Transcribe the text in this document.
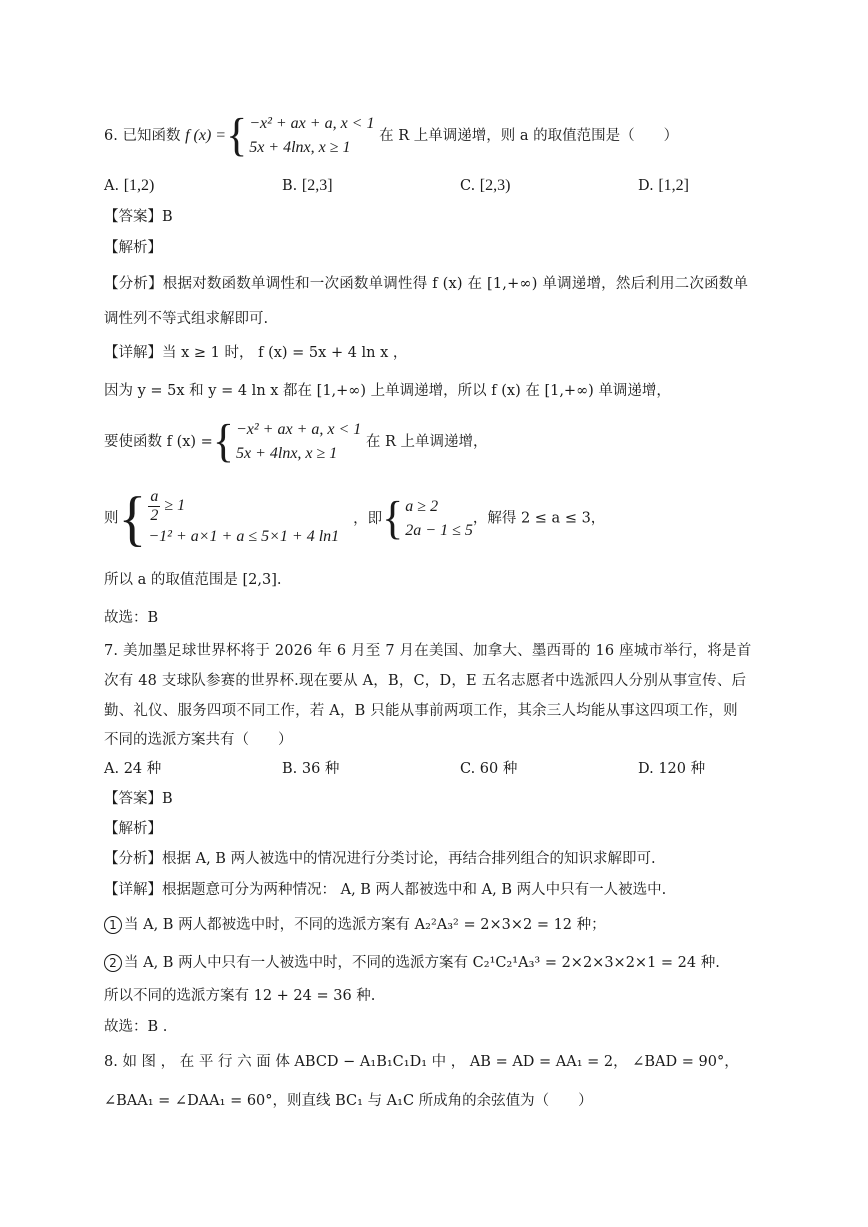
6. 已知函数 f (x) ={ −x² + ax + a, x < 1
5x + 4lnx, x ≥ 1
在 R 上单调递增，则 a 的取值范围是（　　）
A. [1,2)	B. [2,3]	C. [2,3)	D. [1,2]
【答案】B
【解析】
【分析】根据对数函数单调性和一次函数单调性得 f (x) 在 [1,+∞) 单调递增，然后利用二次函数单
调性列不等式组求解即可.
【详解】当 x ≥ 1 时， f (x) = 5x + 4 ln x ，
因为 y = 5x 和 y = 4 ln x 都在 [1,+∞) 上单调递增，所以 f (x) 在 [1,+∞) 单调递增，
要使函数 f (x) ={ −x² + ax + a, x < 1
5x + 4lnx, x ≥ 1
在 R 上单调递增，
则{ $\frac{a}{2} \ge 1$
−1² + a×1 + a ≤ 5×1 + 4 ln1
，即{ a ≥ 2
2a − 1 ≤ 5
，解得 2 ≤ a ≤ 3，
所以 a 的取值范围是 [2,3].
故选：B
7. 美加墨足球世界杯将于 2026 年 6 月至 7 月在美国、加拿大、墨西哥的 16 座城市举行，将是首
次有 48 支球队参赛的世界杯.现在要从 A，B，C，D，E 五名志愿者中选派四人分别从事宣传、后
勤、礼仪、服务四项不同工作，若 A，B 只能从事前两项工作，其余三人均能从事这四项工作，则
不同的选派方案共有（　　）
A. 24 种	B. 36 种	C. 60 种	D. 120 种
【答案】B
【解析】
【分析】根据 A, B 两人被选中的情况进行分类讨论，再结合排列组合的知识求解即可.
【详解】根据题意可分为两种情况： A, B 两人都被选中和 A, B 两人中只有一人被选中.
1 当 A, B 两人都被选中时，不同的选派方案有 A₂²A₃² = 2×3×2 = 12 种；
2 当 A, B 两人中只有一人被选中时，不同的选派方案有 C₂¹C₂¹A₃³ = 2×2×3×2×1 = 24 种.
所以不同的选派方案有 12 + 24 = 36 种.
故选：B .
8. 如 图 ， 在 平 行 六 面 体 ABCD − A₁B₁C₁D₁ 中 ， AB = AD = AA₁ = 2， ∠BAD = 90°，
∠BAA₁ = ∠DAA₁ = 60°，则直线 BC₁ 与 A₁C 所成角的余弦值为（　　）
